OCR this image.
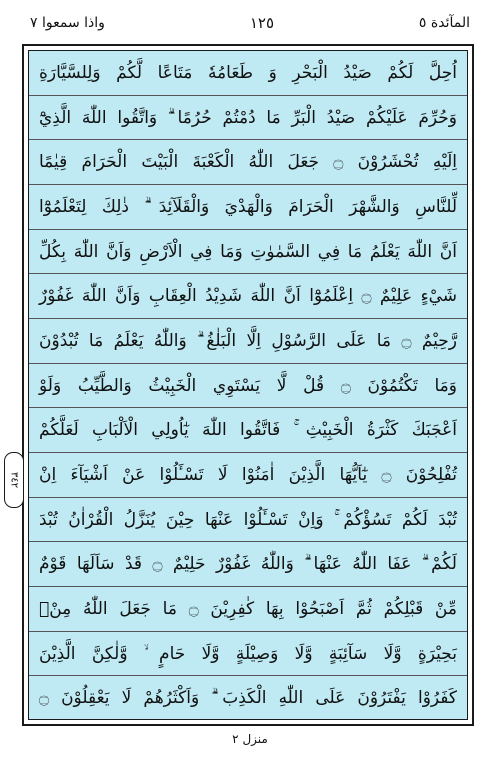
المآئدة ٥
١٢٥
واذا سمعوا ٧
اُحِلَّ لَكُمْ صَيْدُ الْبَحْرِ وَ طَعَامُهٗ مَتَاعًا لَّكُمْ وَلِلسَّيَّارَةِ
وَحُرِّمَ عَلَيْكُمْ صَيْدُ الْبَرِّ مَا دُمْتُمْ حُرُمًا ۗ وَاتَّقُوا اللّٰهَ الَّذِيْٓ
اِلَيْهِ تُحْشَرُوْنَ ۝ جَعَلَ اللّٰهُ الْكَعْبَةَ الْبَيْتَ الْحَرَامَ قِيٰمًا
لِّلنَّاسِ وَالشَّهْرَ الْحَرَامَ وَالْهَدْيَ وَالْقَلَآئِدَ ۗ ذٰلِكَ لِتَعْلَمُوْٓا
اَنَّ اللّٰهَ يَعْلَمُ مَا فِي السَّمٰوٰتِ وَمَا فِي الْاَرْضِ وَاَنَّ اللّٰهَ بِكُلِّ
شَيْءٍ عَلِيْمٌ ۝ اِعْلَمُوْٓا اَنَّ اللّٰهَ شَدِيْدُ الْعِقَابِ وَاَنَّ اللّٰهَ غَفُوْرٌ
رَّحِيْمٌ ۝ مَا عَلَى الرَّسُوْلِ اِلَّا الْبَلٰغُ ۗ وَاللّٰهُ يَعْلَمُ مَا تُبْدُوْنَ
وَمَا تَكْتُمُوْنَ ۝ قُلْ لَّا يَسْتَوِي الْخَبِيْثُ وَالطَّيِّبُ وَلَوْ
اَعْجَبَكَ كَثْرَةُ الْخَبِيْثِ ۚ فَاتَّقُوا اللّٰهَ يٰٓاُولِي الْاَلْبَابِ لَعَلَّكُمْ
تُفْلِحُوْنَ ۝ يٰٓاَيُّهَا الَّذِيْنَ اٰمَنُوْا لَا تَسْـَٔلُوْا عَنْ اَشْيَآءَ اِنْ
تُبْدَ لَكُمْ تَسُؤْكُمْ ۚ وَاِنْ تَسْـَٔلُوْا عَنْهَا حِيْنَ يُنَزَّلُ الْقُرْاٰنُ تُبْدَ
لَكُمْ ۗ عَفَا اللّٰهُ عَنْهَا ۗ وَاللّٰهُ غَفُوْرٌ حَلِيْمٌ ۝ قَدْ سَاَلَهَا قَوْمٌ
مِّنْ قَبْلِكُمْ ثُمَّ اَصْبَحُوْا بِهَا كٰفِرِيْنَ ۝ مَا جَعَلَ اللّٰهُ مِنْۢ
بَحِيْرَةٍ وَّلَا سَآئِبَةٍ وَّلَا وَصِيْلَةٍ وَّلَا حَامٍ ۙ وَّلٰكِنَّ الَّذِيْنَ
كَفَرُوْا يَفْتَرُوْنَ عَلَى اللّٰهِ الْكَذِبَ ۗ وَاَكْثَرُهُمْ لَا يَعْقِلُوْنَ ۝
٣٤٢
منزل ٢
